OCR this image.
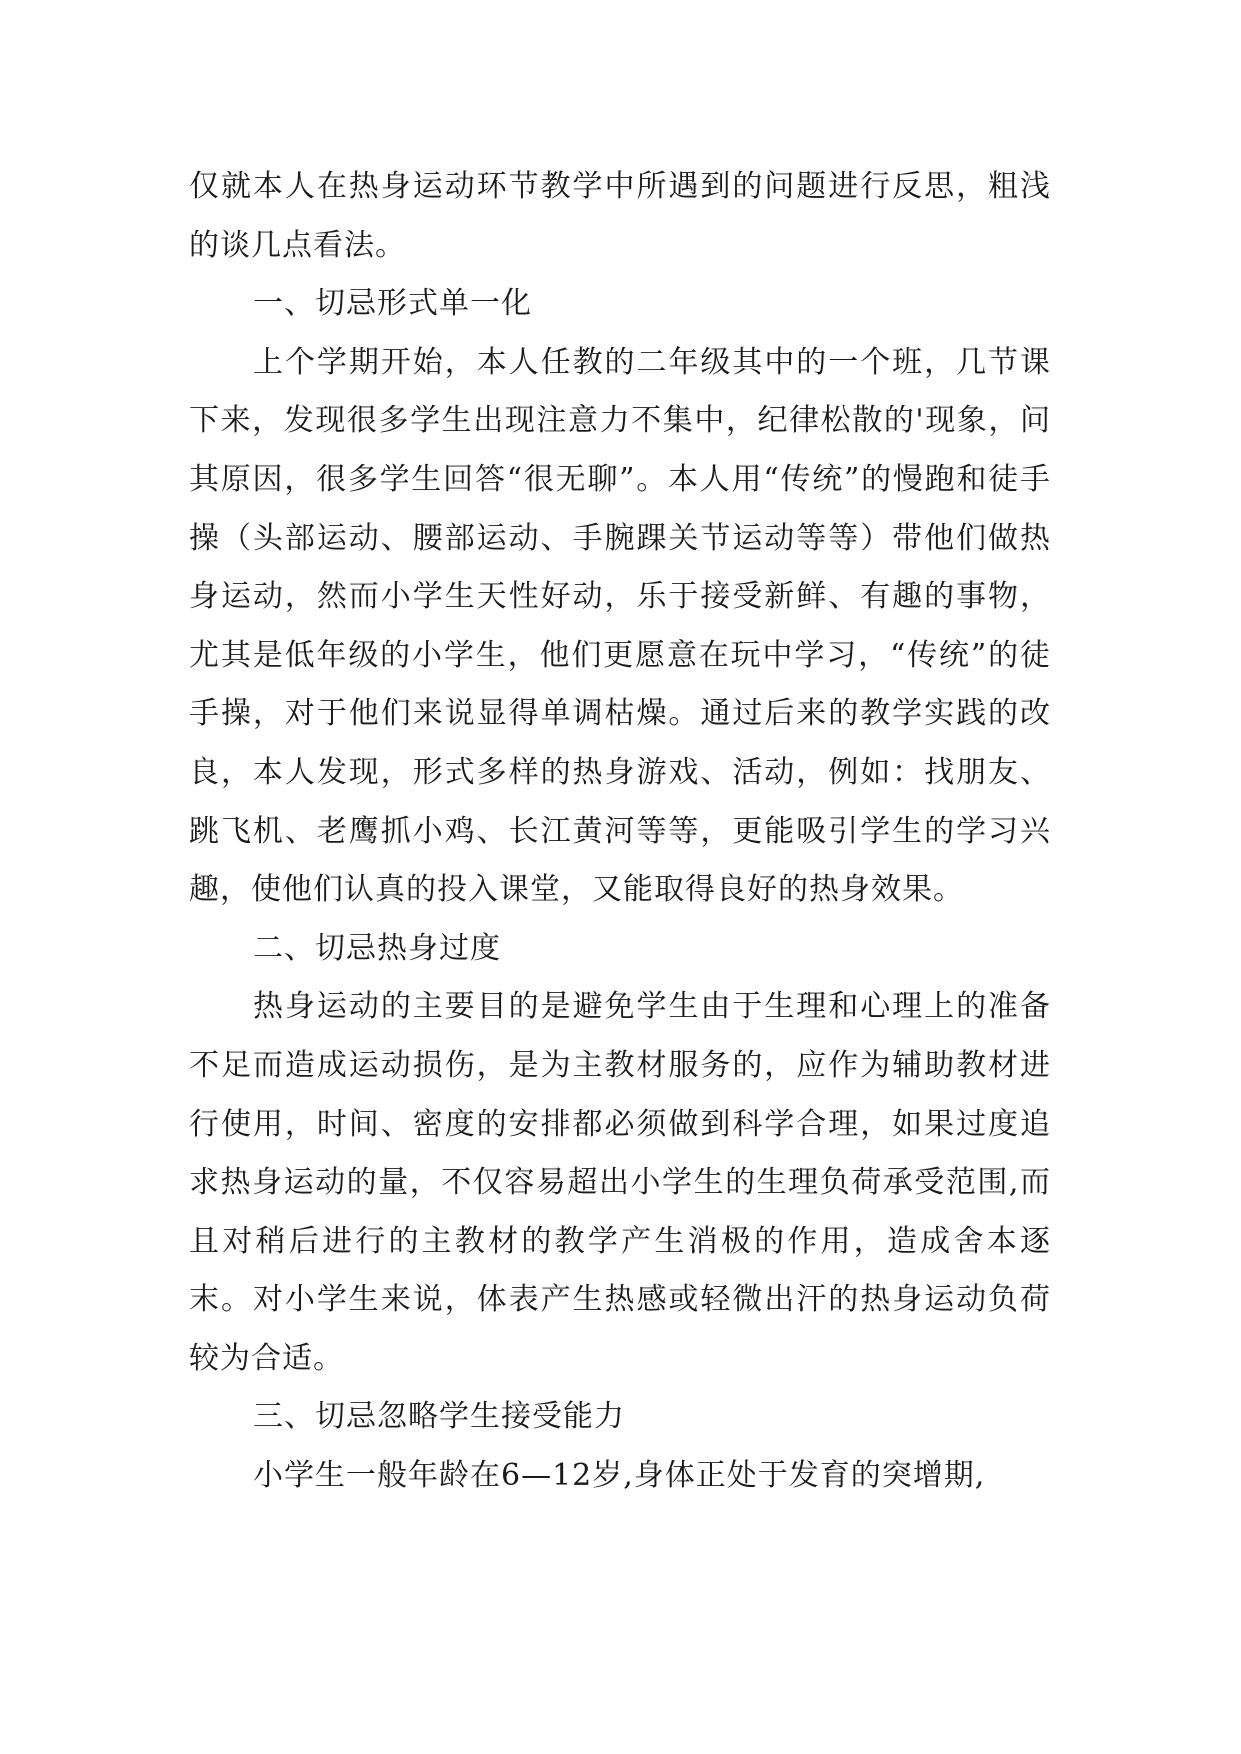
仅就本人在热身运动环节教学中所遇到的问题进行反思，粗浅的谈几点看法。

一、切忌形式单一化

上个学期开始，本人任教的二年级其中的一个班，几节课下来，发现很多学生出现注意力不集中，纪律松散的'现象，问其原因，很多学生回答“很无聊”。本人用“传统”的慢跑和徒手操（头部运动、腰部运动、手腕踝关节运动等等）带他们做热身运动，然而小学生天性好动，乐于接受新鲜、有趣的事物，尤其是低年级的小学生，他们更愿意在玩中学习，“传统”的徒手操，对于他们来说显得单调枯燥。通过后来的教学实践的改良，本人发现，形式多样的热身游戏、活动，例如：找朋友、跳飞机、老鹰抓小鸡、长江黄河等等，更能吸引学生的学习兴趣，使他们认真的投入课堂，又能取得良好的热身效果。

二、切忌热身过度

热身运动的主要目的是避免学生由于生理和心理上的准备不足而造成运动损伤，是为主教材服务的，应作为辅助教材进行使用，时间、密度的安排都必须做到科学合理，如果过度追求热身运动的量，不仅容易超出小学生的生理负荷承受范围,而且对稍后进行的主教材的教学产生消极的作用，造成舍本逐末。对小学生来说，体表产生热感或轻微出汗的热身运动负荷较为合适。

三、切忌忽略学生接受能力

小学生一般年龄在6—12岁,身体正处于发育的突增期,
